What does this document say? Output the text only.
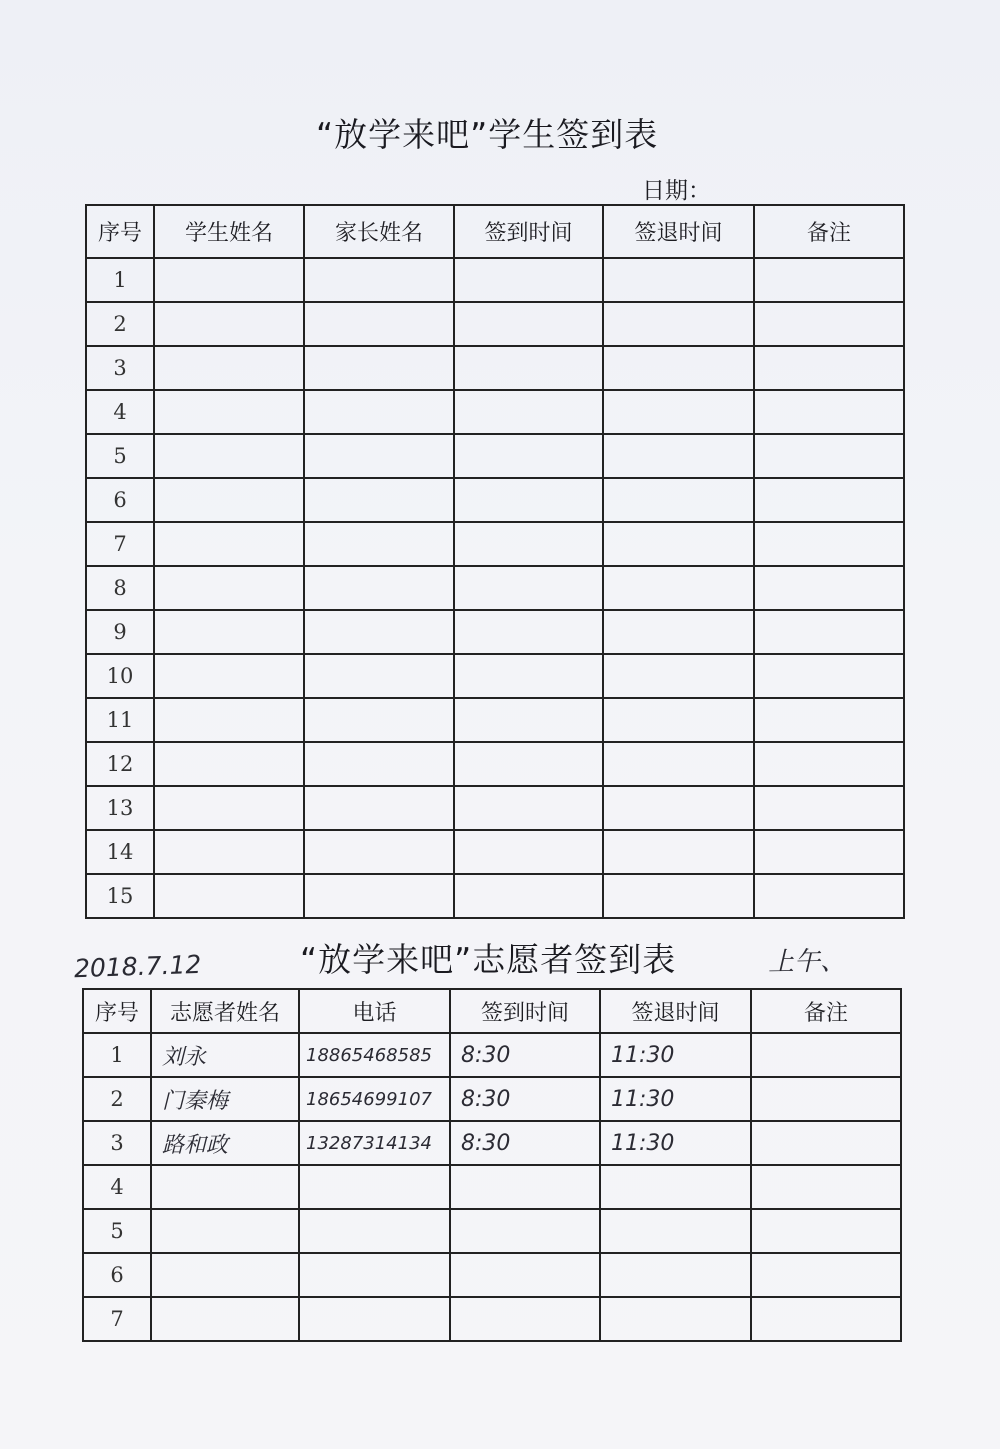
“放学来吧”学生签到表
日期：
序号	学生姓名	家长姓名	签到时间	签退时间	备注
1					
2					
3					
4					
5					
6					
7					
8					
9					
10					
11					
12					
13					
14					
15					
2018.7.12	“放学来吧”志愿者签到表	上午、
序号	志愿者姓名	电话	签到时间	签退时间	备注
1	刘永	18865468585	8:30	11:30	
2	门秦梅	18654699107	8:30	11:30	
3	路和政	13287314134	8:30	11:30	
4					
5					
6					
7					
